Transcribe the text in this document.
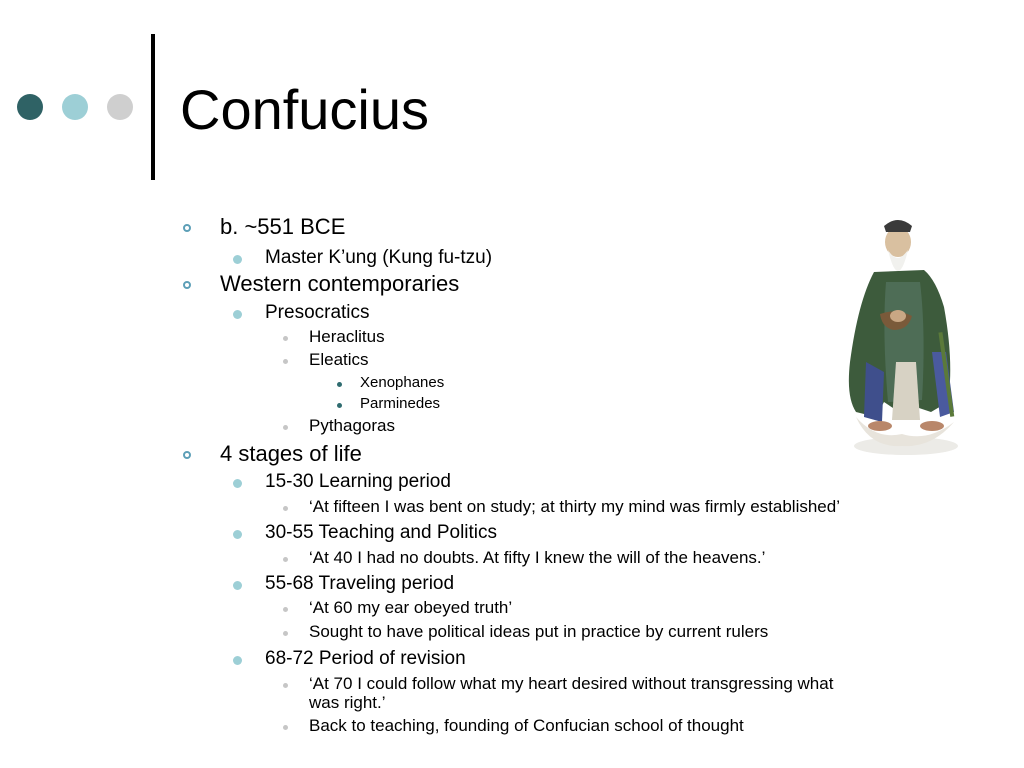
Confucius
b. ~551 BCE
Master K’ung (Kung fu-tzu)
Western contemporaries
Presocratics
Heraclitus
Eleatics
Xenophanes
Parminedes
Pythagoras
4 stages of life
15-30 Learning period
‘At fifteen I was bent on study; at thirty my mind was firmly established’
30-55 Teaching and Politics
‘At 40 I had no doubts. At fifty I knew the will of the heavens.’
55-68 Traveling period
‘At 60 my ear obeyed truth’
Sought to have political ideas put in practice by current rulers
68-72 Period of revision
‘At 70 I could follow what my heart desired without transgressing what
was right.’
Back to teaching, founding of Confucian school of thought
